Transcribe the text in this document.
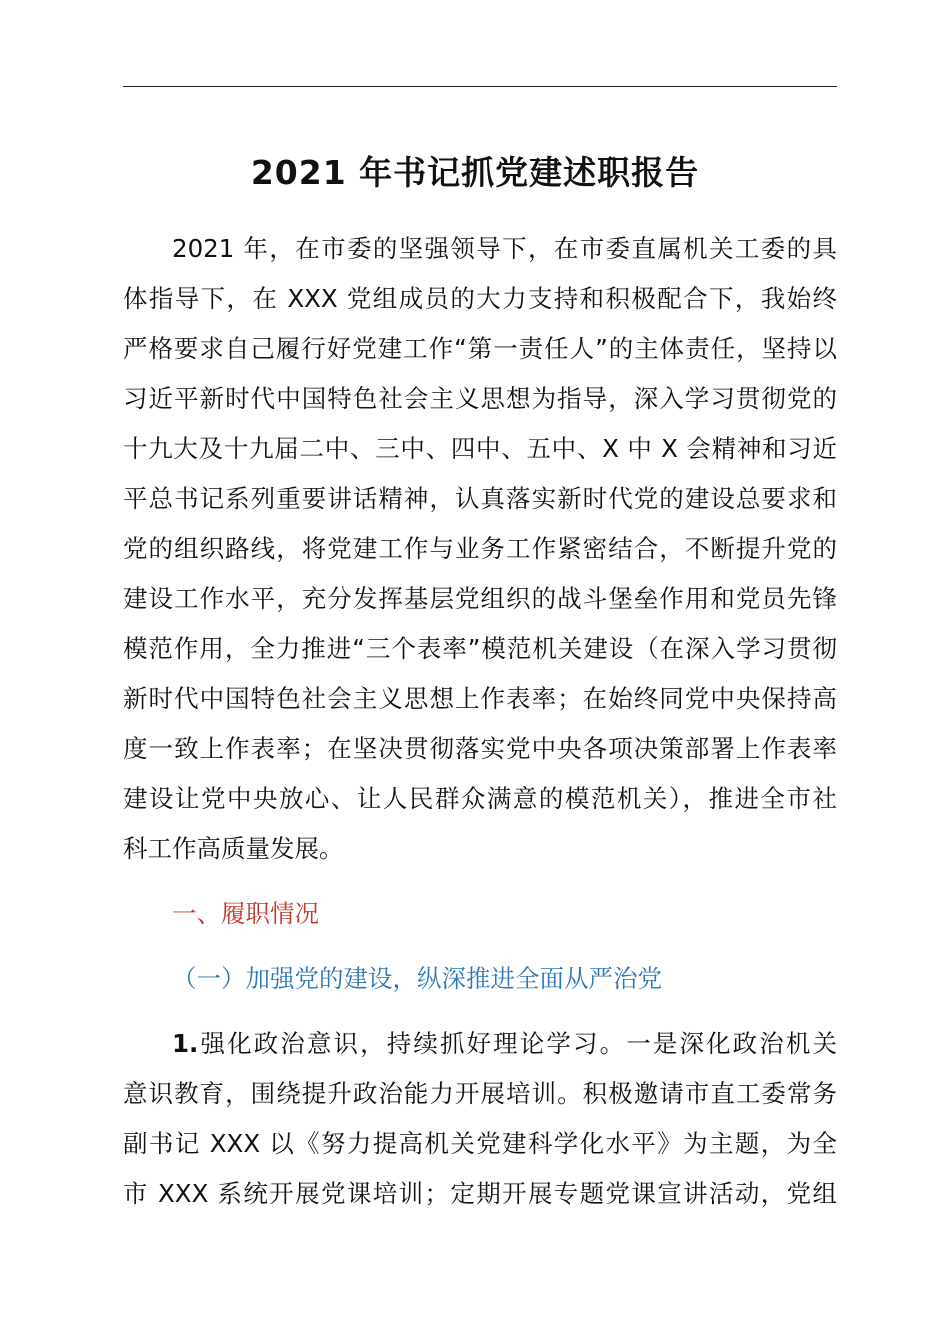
2021 年书记抓党建述职报告
2021 年，在市委的坚强领导下，在市委直属机关工委的具
体指导下，在 XXX 党组成员的大力支持和积极配合下，我始终
严格要求自己履行好党建工作“第一责任人”的主体责任，坚持以
习近平新时代中国特色社会主义思想为指导，深入学习贯彻党的
十九大及十九届二中、三中、四中、五中、X 中 X 会精神和习近
平总书记系列重要讲话精神，认真落实新时代党的建设总要求和
党的组织路线，将党建工作与业务工作紧密结合，不断提升党的
建设工作水平，充分发挥基层党组织的战斗堡垒作用和党员先锋
模范作用，全力推进“三个表率”模范机关建设（在深入学习贯彻
新时代中国特色社会主义思想上作表率；在始终同党中央保持高
度一致上作表率；在坚决贯彻落实党中央各项决策部署上作表率
建设让党中央放心、让人民群众满意的模范机关），推进全市社
科工作高质量发展。
一、履职情况
（一）加强党的建设，纵深推进全面从严治党
1.强化政治意识，持续抓好理论学习。一是深化政治机关
意识教育，围绕提升政治能力开展培训。积极邀请市直工委常务
副书记 XXX 以《努力提高机关党建科学化水平》为主题，为全
市 XXX 系统开展党课培训；定期开展专题党课宣讲活动，党组
